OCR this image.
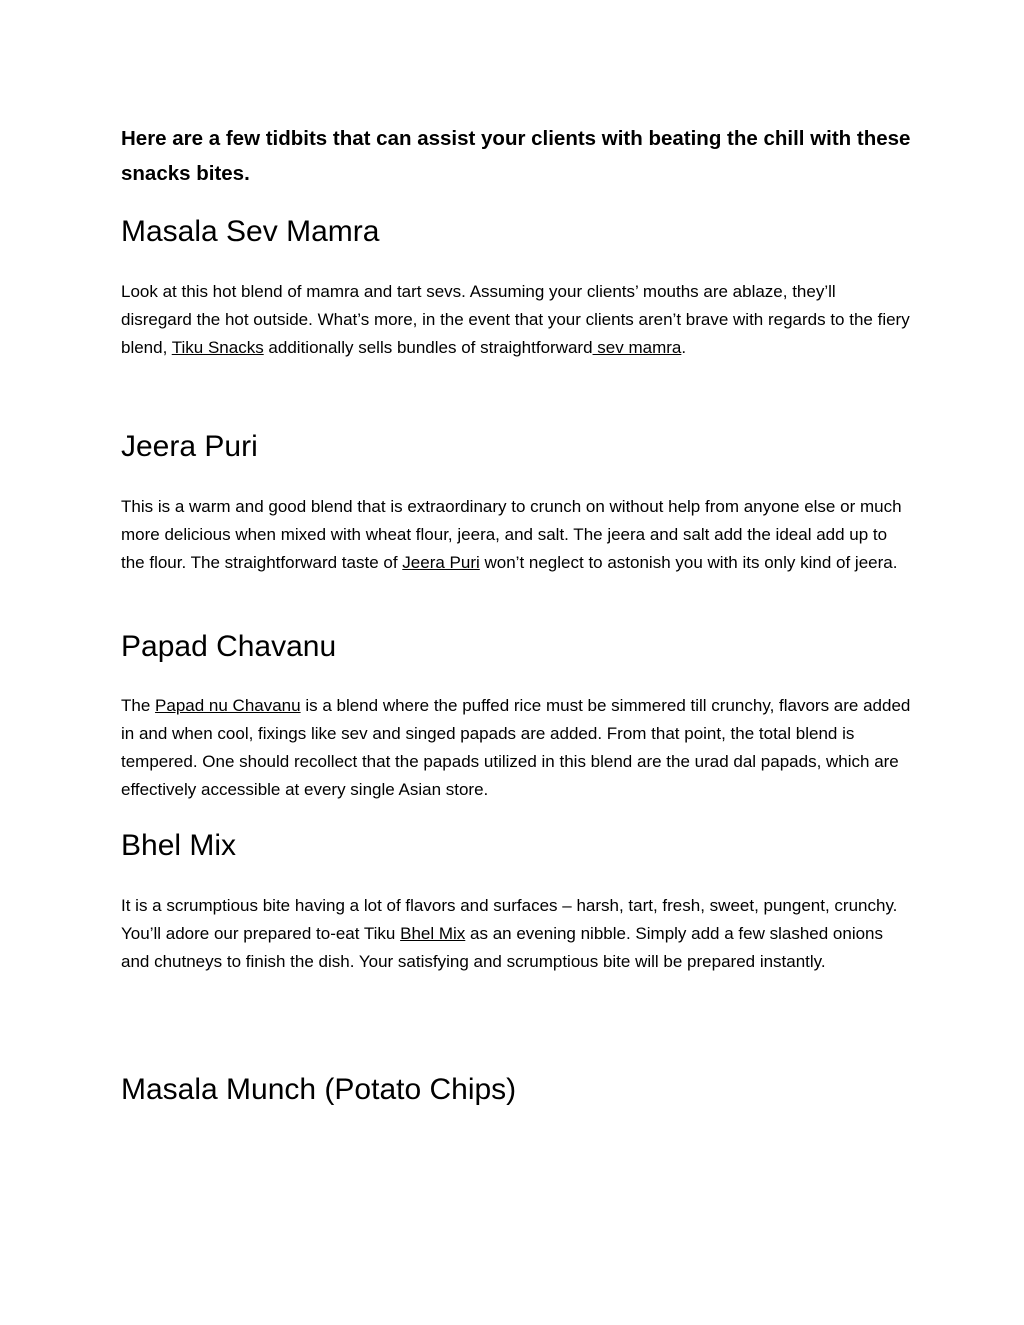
Here are a few tidbits that can assist your clients with beating the chill with these snacks bites.

Masala Sev Mamra

Look at this hot blend of mamra and tart sevs. Assuming your clients’ mouths are ablaze, they’ll disregard the hot outside. What’s more, in the event that your clients aren’t brave with regards to the fiery blend, Tiku Snacks additionally sells bundles of straightforward sev mamra.

Jeera Puri

This is a warm and good blend that is extraordinary to crunch on without help from anyone else or much more delicious when mixed with wheat flour, jeera, and salt. The jeera and salt add the ideal add up to the flour. The straightforward taste of Jeera Puri won’t neglect to astonish you with its only kind of jeera.

Papad Chavanu

The Papad nu Chavanu is a blend where the puffed rice must be simmered till crunchy, flavors are added in and when cool, fixings like sev and singed papads are added. From that point, the total blend is tempered. One should recollect that the papads utilized in this blend are the urad dal papads, which are effectively accessible at every single Asian store.

Bhel Mix

It is a scrumptious bite having a lot of flavors and surfaces – harsh, tart, fresh, sweet, pungent, crunchy. You’ll adore our prepared to-eat Tiku Bhel Mix as an evening nibble. Simply add a few slashed onions and chutneys to finish the dish. Your satisfying and scrumptious bite will be prepared instantly.

Masala Munch (Potato Chips)
